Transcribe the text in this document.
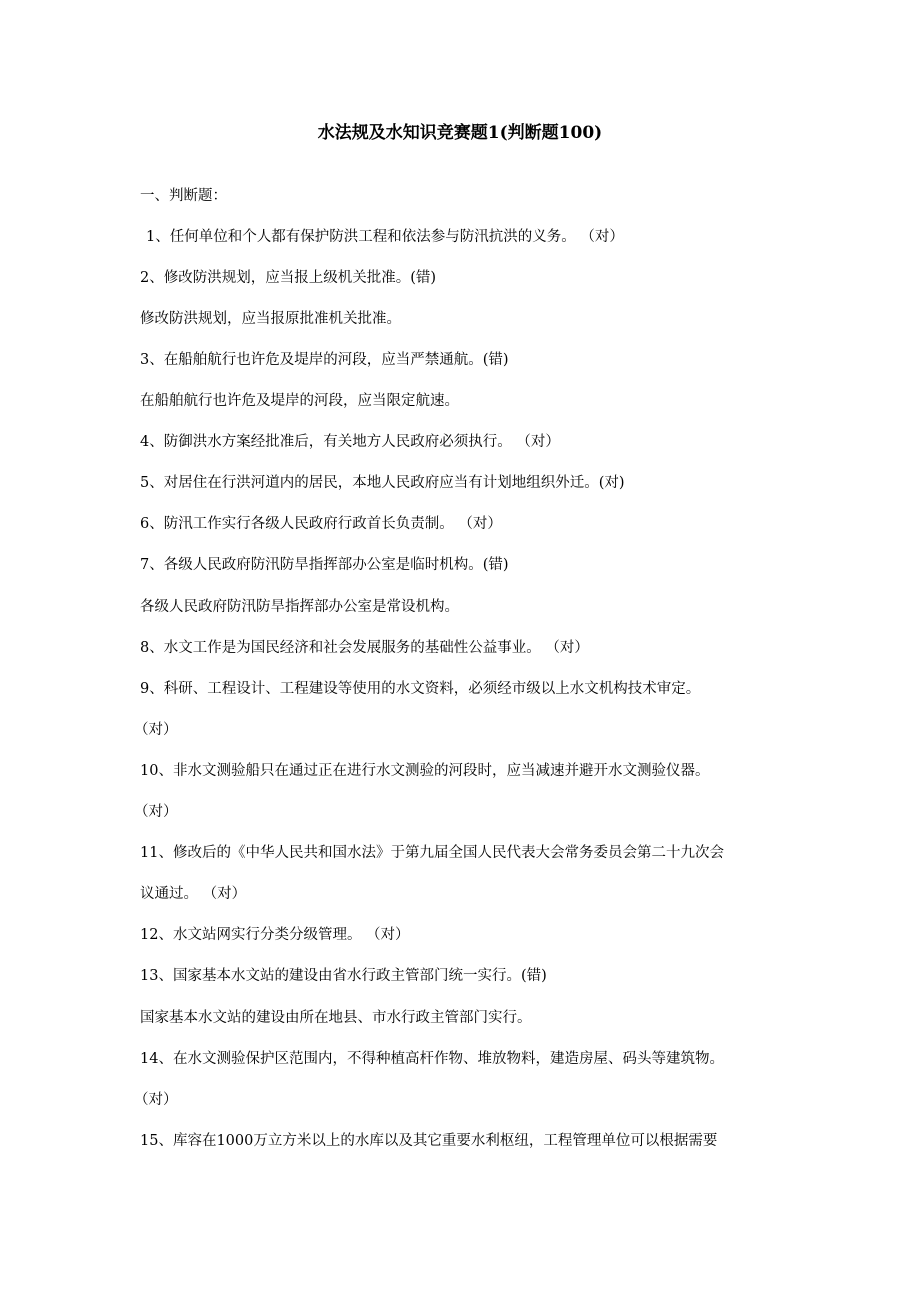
水法规及水知识竞赛题1(判断题100)
一、判断题：
1、任何单位和个人都有保护防洪工程和依法参与防汛抗洪的义务。 （对）
2、修改防洪规划，应当报上级机关批准。(错)
修改防洪规划，应当报原批准机关批准。
3、在船舶航行也许危及堤岸的河段，应当严禁通航。(错)
在船舶航行也许危及堤岸的河段，应当限定航速。
4、防御洪水方案经批准后，有关地方人民政府必须执行。 （对）
5、对居住在行洪河道内的居民，本地人民政府应当有计划地组织外迁。(对)
6、防汛工作实行各级人民政府行政首长负责制。 （对）
7、各级人民政府防汛防旱指挥部办公室是临时机构。(错)
各级人民政府防汛防旱指挥部办公室是常设机构。
8、水文工作是为国民经济和社会发展服务的基础性公益事业。 （对）
9、科研、工程设计、工程建设等使用的水文资料，必须经市级以上水文机构技术审定。
（对）
10、非水文测验船只在通过正在进行水文测验的河段时，应当减速并避开水文测验仪器。
（对）
11、修改后的《中华人民共和国水法》于第九届全国人民代表大会常务委员会第二十九次会
议通过。 （对）
12、水文站网实行分类分级管理。 （对）
13、国家基本水文站的建设由省水行政主管部门统一实行。(错)
国家基本水文站的建设由所在地县、市水行政主管部门实行。
14、在水文测验保护区范围内，不得种植高杆作物、堆放物料，建造房屋、码头等建筑物。
（对）
15、库容在1000万立方米以上的水库以及其它重要水利枢纽，工程管理单位可以根据需要
